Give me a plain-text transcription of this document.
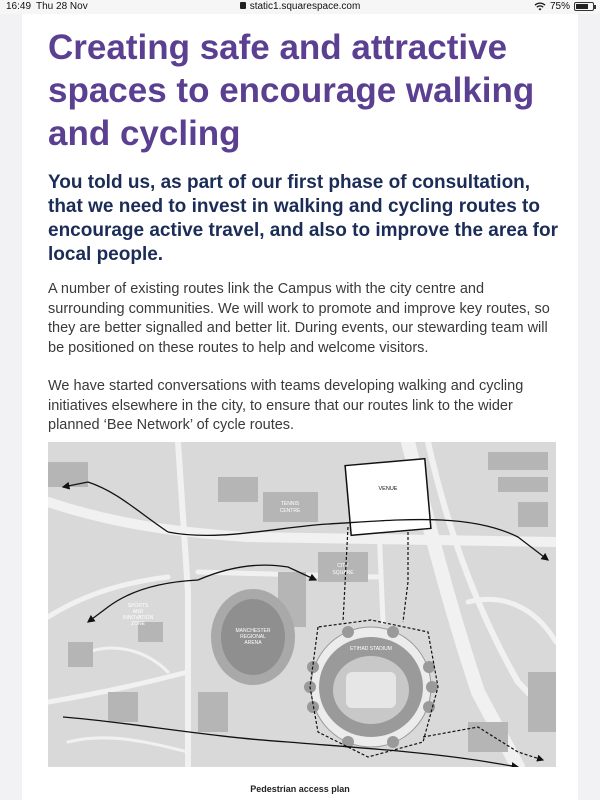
16:49 Thu 28 Nov	static1.squarespace.com	75%
Creating safe and attractive spaces to encourage walking and cycling
You told us, as part of our first phase of consultation, that we need to invest in walking and cycling routes to encourage active travel, and also to improve the area for local people.

A number of existing routes link the Campus with the city centre and surrounding communities. We will work to promote and improve key routes, so they are better signalled and better lit. During events, our stewarding team will be positioned on these routes to help and welcome visitors.

We have started conversations with teams developing walking and cycling initiatives elsewhere in the city, to ensure that our routes link to the wider planned ‘Bee Network’ of cycle routes.

VENUE
TENNIS
CENTRE
CITY
SQUARE
SPORTS
AND
INNOVATION
ZONE
MANCHESTER
REGIONAL
ARENA
ETIHAD STADIUM
Pedestrian access plan
